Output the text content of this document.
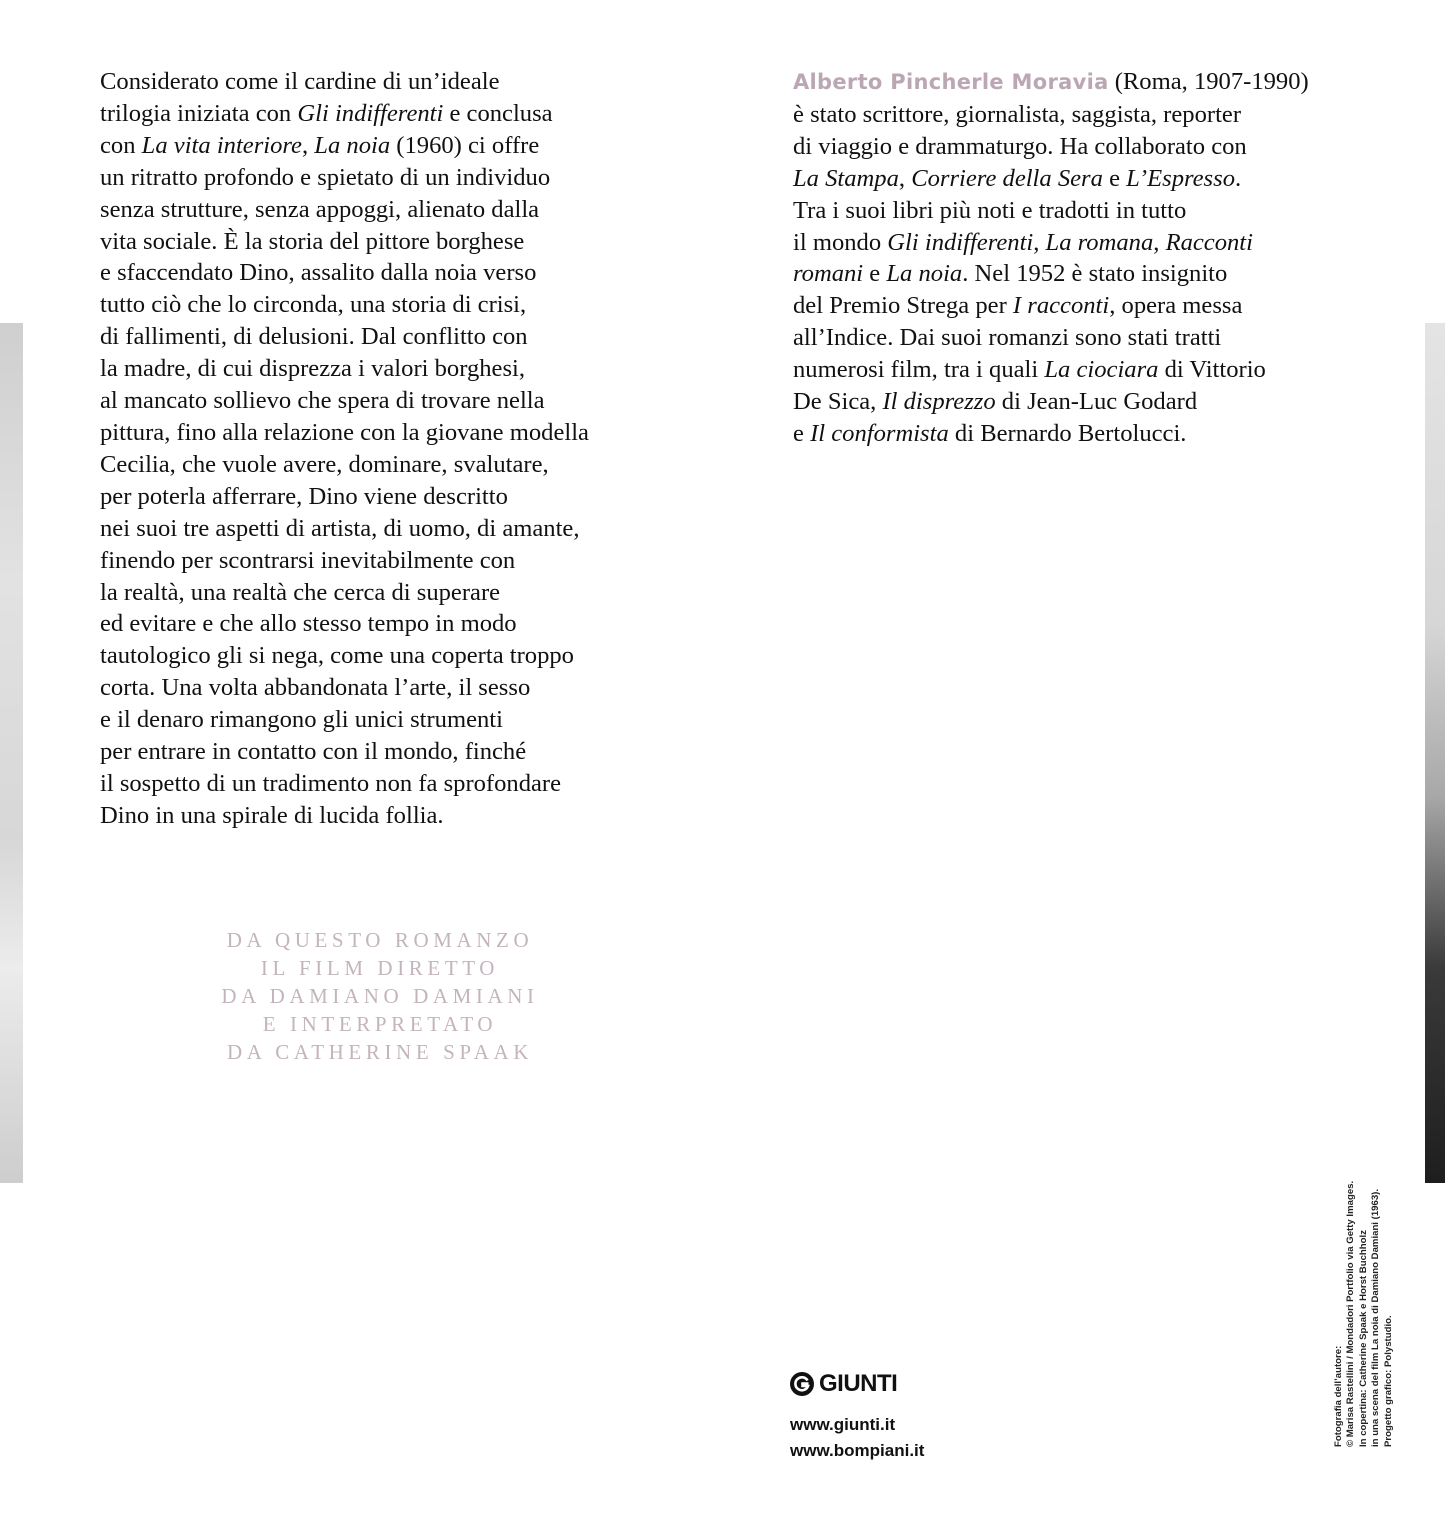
Considerato come il cardine di un’ideale
trilogia iniziata con Gli indifferenti e conclusa
con La vita interiore, La noia (1960) ci offre
un ritratto profondo e spietato di un individuo
senza strutture, senza appoggi, alienato dalla
vita sociale. È la storia del pittore borghese
e sfaccendato Dino, assalito dalla noia verso
tutto ciò che lo circonda, una storia di crisi,
di fallimenti, di delusioni. Dal conflitto con
la madre, di cui disprezza i valori borghesi,
al mancato sollievo che spera di trovare nella
pittura, fino alla relazione con la giovane modella
Cecilia, che vuole avere, dominare, svalutare,
per poterla afferrare, Dino viene descritto
nei suoi tre aspetti di artista, di uomo, di amante,
finendo per scontrarsi inevitabilmente con
la realtà, una realtà che cerca di superare
ed evitare e che allo stesso tempo in modo
tautologico gli si nega, come una coperta troppo
corta. Una volta abbandonata l’arte, il sesso
e il denaro rimangono gli unici strumenti
per entrare in contatto con il mondo, finché
il sospetto di un tradimento non fa sprofondare
Dino in una spirale di lucida follia.
Alberto Pincherle Moravia (Roma, 1907-1990)
è stato scrittore, giornalista, saggista, reporter
di viaggio e drammaturgo. Ha collaborato con
La Stampa, Corriere della Sera e L’Espresso.
Tra i suoi libri più noti e tradotti in tutto
il mondo Gli indifferenti, La romana, Racconti
romani e La noia. Nel 1952 è stato insignito
del Premio Strega per I racconti, opera messa
all’Indice. Dai suoi romanzi sono stati tratti
numerosi film, tra i quali La ciociara di Vittorio
De Sica, Il disprezzo di Jean-Luc Godard
e Il conformista di Bernardo Bertolucci.
DA QUESTO ROMANZO
IL FILM DIRETTO
DA DAMIANO DAMIANI
E INTERPRETATO
DA CATHERINE SPAAK
GIUNTI
www.giunti.it
www.bompiani.it
Fotografia dell’autore: © Marisa Rastellini / Mondadori Portfolio via Getty Images. In copertina: Catherine Spaak e Horst Buchholz in una scena del film La noia di Damiano Damiani (1963). Progetto grafico: Polystudio.
